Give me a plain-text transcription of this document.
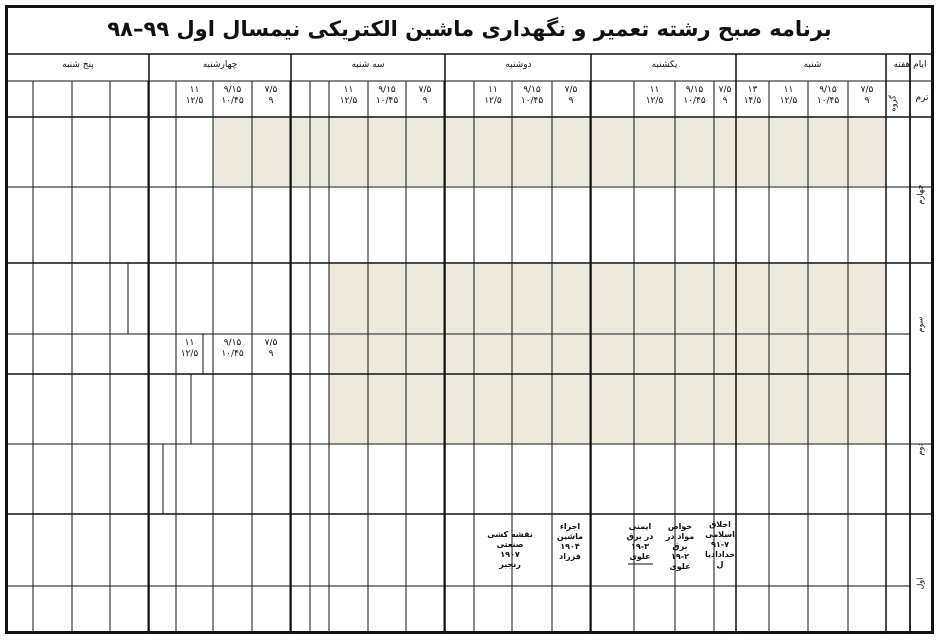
برنامه صبح رشته تعمیر و نگهداری ماشین الکتریکی نیمسال اول ۹۹–۹۸
ایام هفته
شنبه
یکشنبه
دوشنبه
سه شنبه
چهارشنبه
پنج شنبه
ترم
گروه
۷/۵
۹
۹/۱۵
۱۰/۴۵
۱۱
۱۲/۵
۱۳
۱۴/۵
۷/۵
۹
۹/۱۵
۱۰/۴۵
۱۱
۱۲/۵
۷/۵
۹
۹/۱۵
۱۰/۴۵
۱۱
۱۲/۵
۷/۵
۹
۹/۱۵
۱۰/۴۵
۱۱
۱۲/۵
۷/۵
۹
۹/۱۵
۱۰/۴۵
۱۱
۱۲/۵
۷/۵
۹
۹/۱۵
۱۰/۴۵
۱۱
۱۲/۵
چهارم
سوم
دوم
اول
اخلاق
اسلامی
۹۱-۷
خدادادیا
ل
خواص
مواد در
برق
۱۹-۲
علوی
ایمنی
در برق
۱۹-۳
علوی
اجزاء
ماشین
۱۹۰۴
فرزاد
نقشه کشی صنعتی
۱۹۰۷
رنجبر
